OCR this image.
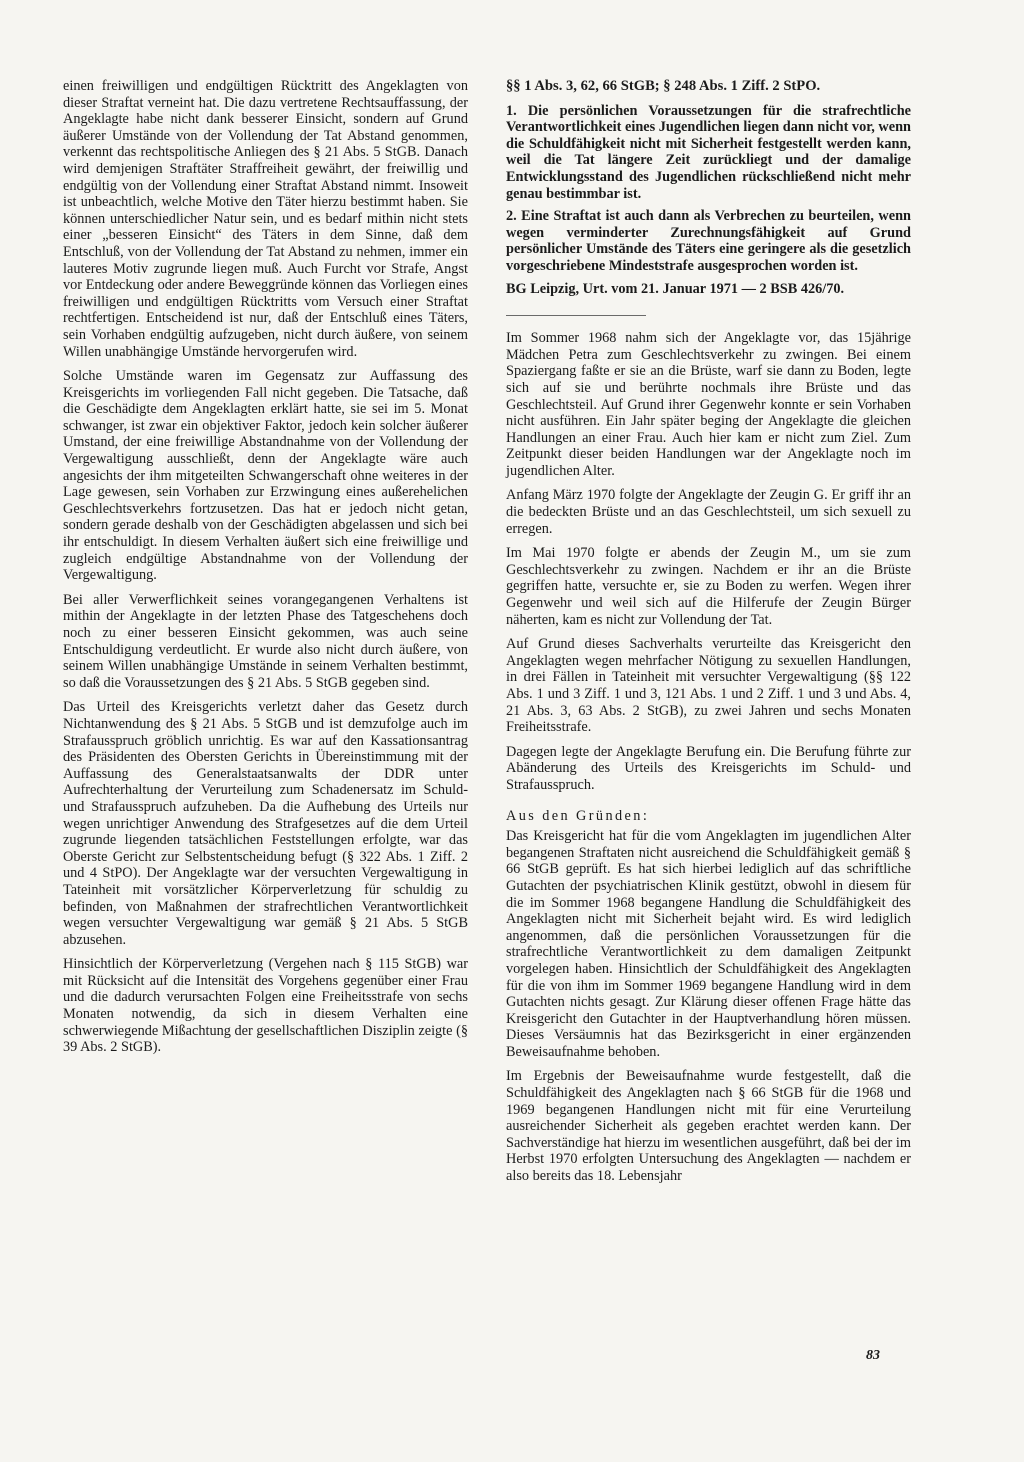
einen freiwilligen und endgültigen Rücktritt des Angeklagten von dieser Straftat verneint hat. Die dazu vertretene Rechtsauffassung, der Angeklagte habe nicht dank besserer Einsicht, sondern auf Grund äußerer Umstände von der Vollendung der Tat Abstand genommen, verkennt das rechtspolitische Anliegen des § 21 Abs. 5 StGB. Danach wird demjenigen Straftäter Straffreiheit gewährt, der freiwillig und endgültig von der Vollendung einer Straftat Abstand nimmt. Insoweit ist unbeachtlich, welche Motive den Täter hierzu bestimmt haben. Sie können unterschiedlicher Natur sein, und es bedarf mithin nicht stets einer „besseren Einsicht“ des Täters in dem Sinne, daß dem Entschluß, von der Vollendung der Tat Abstand zu nehmen, immer ein lauteres Motiv zugrunde liegen muß. Auch Furcht vor Strafe, Angst vor Entdeckung oder andere Beweggründe können das Vorliegen eines freiwilligen und endgültigen Rücktritts vom Versuch einer Straftat rechtfertigen. Entscheidend ist nur, daß der Entschluß eines Täters, sein Vorhaben endgültig aufzugeben, nicht durch äußere, von seinem Willen unabhängige Umstände hervorgerufen wird.

Solche Umstände waren im Gegensatz zur Auffassung des Kreisgerichts im vorliegenden Fall nicht gegeben. Die Tatsache, daß die Geschädigte dem Angeklagten erklärt hatte, sie sei im 5. Monat schwanger, ist zwar ein objektiver Faktor, jedoch kein solcher äußerer Umstand, der eine freiwillige Abstandnahme von der Vollendung der Vergewaltigung ausschließt, denn der Angeklagte wäre auch angesichts der ihm mitgeteilten Schwangerschaft ohne weiteres in der Lage gewesen, sein Vorhaben zur Erzwingung eines außerehelichen Geschlechtsverkehrs fortzusetzen. Das hat er jedoch nicht getan, sondern gerade deshalb von der Geschädigten abgelassen und sich bei ihr entschuldigt. In diesem Verhalten äußert sich eine freiwillige und zugleich endgültige Abstandnahme von der Vollendung der Vergewaltigung.

Bei aller Verwerflichkeit seines vorangegangenen Verhaltens ist mithin der Angeklagte in der letzten Phase des Tatgeschehens doch noch zu einer besseren Einsicht gekommen, was auch seine Entschuldigung verdeutlicht. Er wurde also nicht durch äußere, von seinem Willen unabhängige Umstände in seinem Verhalten bestimmt, so daß die Voraussetzungen des § 21 Abs. 5 StGB gegeben sind.

Das Urteil des Kreisgerichts verletzt daher das Gesetz durch Nichtanwendung des § 21 Abs. 5 StGB und ist demzufolge auch im Strafausspruch gröblich unrichtig. Es war auf den Kassationsantrag des Präsidenten des Obersten Gerichts in Übereinstimmung mit der Auffassung des Generalstaatsanwalts der DDR unter Aufrechterhaltung der Verurteilung zum Schadenersatz im Schuld- und Strafausspruch aufzuheben. Da die Aufhebung des Urteils nur wegen unrichtiger Anwendung des Strafgesetzes auf die dem Urteil zugrunde liegenden tatsächlichen Feststellungen erfolgte, war das Oberste Gericht zur Selbstentscheidung befugt (§ 322 Abs. 1 Ziff. 2 und 4 StPO). Der Angeklagte war der versuchten Vergewaltigung in Tateinheit mit vorsätzlicher Körperverletzung für schuldig zu befinden, von Maßnahmen der strafrechtlichen Verantwortlichkeit wegen versuchter Vergewaltigung war gemäß § 21 Abs. 5 StGB abzusehen.

Hinsichtlich der Körperverletzung (Vergehen nach § 115 StGB) war mit Rücksicht auf die Intensität des Vorgehens gegenüber einer Frau und die dadurch verursachten Folgen eine Freiheitsstrafe von sechs Monaten notwendig, da sich in diesem Verhalten eine schwerwiegende Mißachtung der gesellschaftlichen Disziplin zeigte (§ 39 Abs. 2 StGB).

§§ 1 Abs. 3, 62, 66 StGB; § 248 Abs. 1 Ziff. 2 StPO.

1. Die persönlichen Voraussetzungen für die strafrechtliche Verantwortlichkeit eines Jugendlichen liegen dann nicht vor, wenn die Schuldfähigkeit nicht mit Sicherheit festgestellt werden kann, weil die Tat längere Zeit zurückliegt und der damalige Entwicklungsstand des Jugendlichen rückschließend nicht mehr genau bestimmbar ist.

2. Eine Straftat ist auch dann als Verbrechen zu beurteilen, wenn wegen verminderter Zurechnungsfähigkeit auf Grund persönlicher Umstände des Täters eine geringere als die gesetzlich vorgeschriebene Mindeststrafe ausgesprochen worden ist.

BG Leipzig, Urt. vom 21. Januar 1971 — 2 BSB 426/70.

Im Sommer 1968 nahm sich der Angeklagte vor, das 15jährige Mädchen Petra zum Geschlechtsverkehr zu zwingen. Bei einem Spaziergang faßte er sie an die Brüste, warf sie dann zu Boden, legte sich auf sie und berührte nochmals ihre Brüste und das Geschlechtsteil. Auf Grund ihrer Gegenwehr konnte er sein Vorhaben nicht ausführen. Ein Jahr später beging der Angeklagte die gleichen Handlungen an einer Frau. Auch hier kam er nicht zum Ziel. Zum Zeitpunkt dieser beiden Handlungen war der Angeklagte noch im jugendlichen Alter.

Anfang März 1970 folgte der Angeklagte der Zeugin G. Er griff ihr an die bedeckten Brüste und an das Geschlechtsteil, um sich sexuell zu erregen.

Im Mai 1970 folgte er abends der Zeugin M., um sie zum Geschlechtsverkehr zu zwingen. Nachdem er ihr an die Brüste gegriffen hatte, versuchte er, sie zu Boden zu werfen. Wegen ihrer Gegenwehr und weil sich auf die Hilferufe der Zeugin Bürger näherten, kam es nicht zur Vollendung der Tat.

Auf Grund dieses Sachverhalts verurteilte das Kreisgericht den Angeklagten wegen mehrfacher Nötigung zu sexuellen Handlungen, in drei Fällen in Tateinheit mit versuchter Vergewaltigung (§§ 122 Abs. 1 und 3 Ziff. 1 und 3, 121 Abs. 1 und 2 Ziff. 1 und 3 und Abs. 4, 21 Abs. 3, 63 Abs. 2 StGB), zu zwei Jahren und sechs Monaten Freiheitsstrafe.

Dagegen legte der Angeklagte Berufung ein. Die Berufung führte zur Abänderung des Urteils des Kreisgerichts im Schuld- und Strafausspruch.

Aus den Gründen:

Das Kreisgericht hat für die vom Angeklagten im jugendlichen Alter begangenen Straftaten nicht ausreichend die Schuldfähigkeit gemäß § 66 StGB geprüft. Es hat sich hierbei lediglich auf das schriftliche Gutachten der psychiatrischen Klinik gestützt, obwohl in diesem für die im Sommer 1968 begangene Handlung die Schuldfähigkeit des Angeklagten nicht mit Sicherheit bejaht wird. Es wird lediglich angenommen, daß die persönlichen Voraussetzungen für die strafrechtliche Verantwortlichkeit zu dem damaligen Zeitpunkt vorgelegen haben. Hinsichtlich der Schuldfähigkeit des Angeklagten für die von ihm im Sommer 1969 begangene Handlung wird in dem Gutachten nichts gesagt. Zur Klärung dieser offenen Frage hätte das Kreisgericht den Gutachter in der Hauptverhandlung hören müssen. Dieses Versäumnis hat das Bezirksgericht in einer ergänzenden Beweisaufnahme behoben.

Im Ergebnis der Beweisaufnahme wurde festgestellt, daß die Schuldfähigkeit des Angeklagten nach § 66 StGB für die 1968 und 1969 begangenen Handlungen nicht mit für eine Verurteilung ausreichender Sicherheit als gegeben erachtet werden kann. Der Sachverständige hat hierzu im wesentlichen ausgeführt, daß bei der im Herbst 1970 erfolgten Untersuchung des Angeklagten — nachdem er also bereits das 18. Lebensjahr

83
